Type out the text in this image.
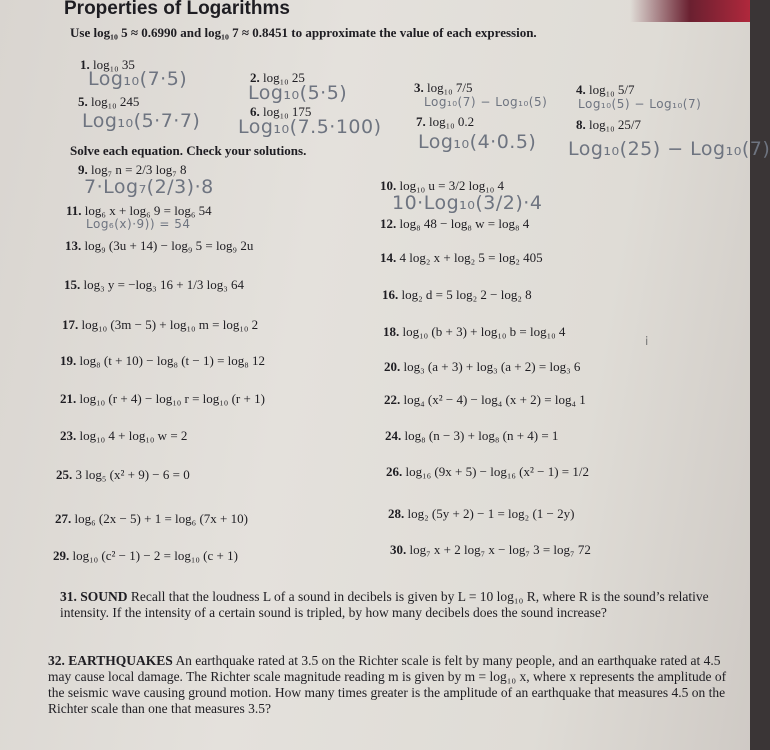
Properties of Logarithms
Use log₁₀ 5 ≈ 0.6990 and log₁₀ 7 ≈ 0.8451 to approximate the value of each expression.
1. log₁₀ 35
Log₁₀(7·5)	2. log₁₀ 25
Log₁₀(5·5)	3. log₁₀ 7/5
Log₁₀(7) − Log₁₀(5)
4. log₁₀ 5/7
Log₁₀(5) − Log₁₀(7)
5. log₁₀ 245
Log₁₀(5·7·7)	6. log₁₀ 175
Log₁₀(7.5·100)	7. log₁₀ 0.2
Log₁₀(4·0.5)
8. log₁₀ 25/7
Log₁₀(25) − Log₁₀(7)
Solve each equation. Check your solutions.
9. log₇ n = 2/3 log₇ 8
7·Log₇(2/3)·8	10. log₁₀ u = 3/2 log₁₀ 4
10·Log₁₀(3/2)·4
11. log₆ x + log₆ 9 = log₆ 54
Log₆(x)·9)) = 54	12. log₈ 48 − log₈ w = log₈ 4
13. log₉ (3u + 14) − log₉ 5 = log₉ 2u
14. 4 log₂ x + log₂ 5 = log₂ 405
15. log₃ y = −log₃ 16 + 1/3 log₃ 64
16. log₂ d = 5 log₂ 2 − log₂ 8
17. log₁₀ (3m − 5) + log₁₀ m = log₁₀ 2	18. log₁₀ (b + 3) + log₁₀ b = log₁₀ 4
ⅰ
19. log₈ (t + 10) − log₈ (t − 1) = log₈ 12	20. log₃ (a + 3) + log₃ (a + 2) = log₃ 6
21. log₁₀ (r + 4) − log₁₀ r = log₁₀ (r + 1)	22. log₄ (x² − 4) − log₄ (x + 2) = log₄ 1
23. log₁₀ 4 + log₁₀ w = 2	24. log₈ (n − 3) + log₈ (n + 4) = 1
25. 3 log₅ (x² + 9) − 6 = 0	26. log₁₆ (9x + 5) − log₁₆ (x² − 1) = 1/2
27. log₆ (2x − 5) + 1 = log₆ (7x + 10)	28. log₂ (5y + 2) − 1 = log₂ (1 − 2y)
29. log₁₀ (c² − 1) − 2 = log₁₀ (c + 1)	30. log₇ x + 2 log₇ x − log₇ 3 = log₇ 72
31. SOUND Recall that the loudness L of a sound in decibels is given by L = 10 log₁₀ R, where R is the sound’s relative intensity. If the intensity of a certain sound is tripled, by how many decibels does the sound increase?
32. EARTHQUAKES An earthquake rated at 3.5 on the Richter scale is felt by many people, and an earthquake rated at 4.5 may cause local damage. The Richter scale magnitude reading m is given by m = log₁₀ x, where x represents the amplitude of the seismic wave causing ground motion. How many times greater is the amplitude of an earthquake that measures 4.5 on the Richter scale than one that measures 3.5?
